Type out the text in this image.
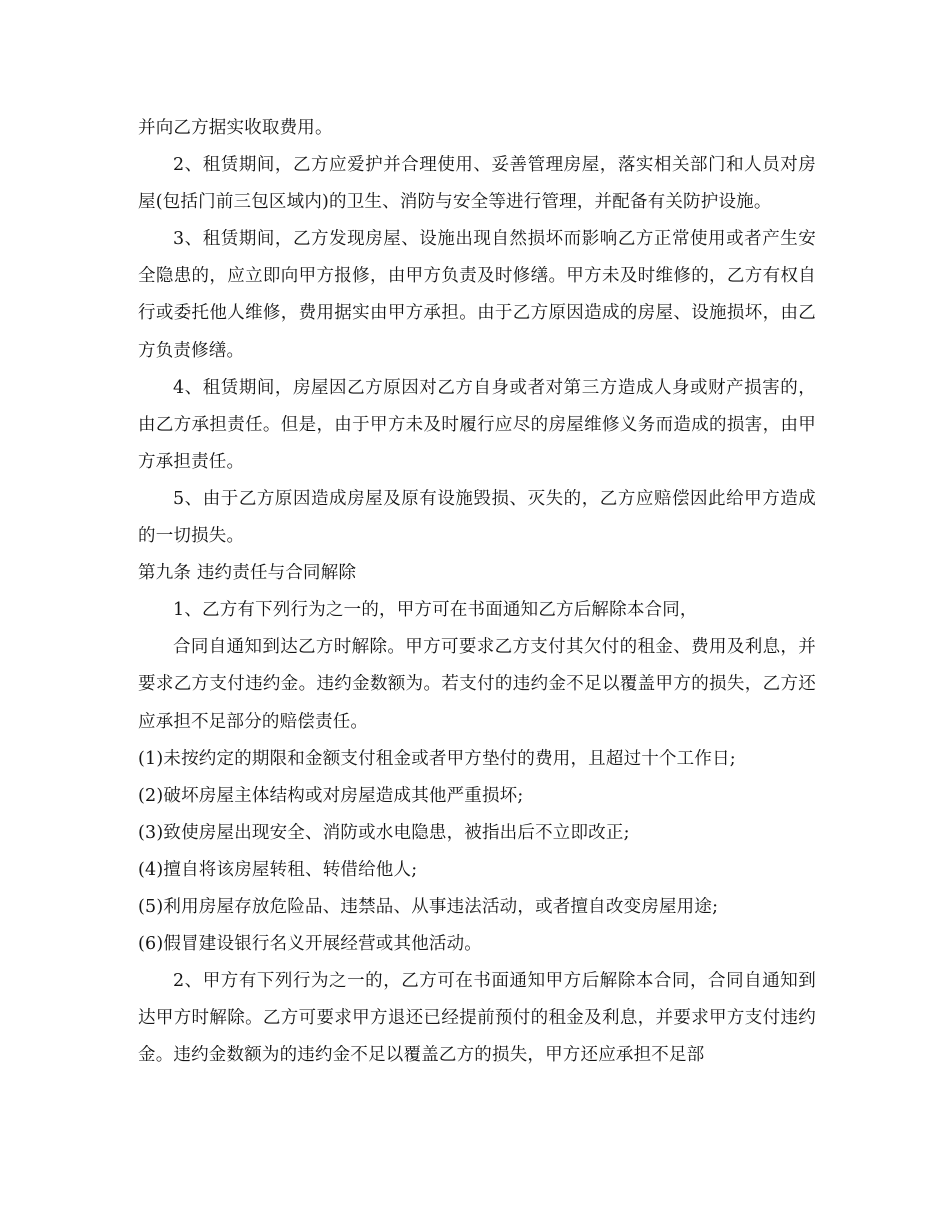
并向乙方据实收取费用。

2、租赁期间，乙方应爱护并合理使用、妥善管理房屋，落实相关部门和人员对房屋(包括门前三包区域内)的卫生、消防与安全等进行管理，并配备有关防护设施。

3、租赁期间，乙方发现房屋、设施出现自然损坏而影响乙方正常使用或者产生安全隐患的，应立即向甲方报修，由甲方负责及时修缮。甲方未及时维修的，乙方有权自行或委托他人维修，费用据实由甲方承担。由于乙方原因造成的房屋、设施损坏，由乙方负责修缮。

4、租赁期间，房屋因乙方原因对乙方自身或者对第三方造成人身或财产损害的，由乙方承担责任。但是，由于甲方未及时履行应尽的房屋维修义务而造成的损害，由甲方承担责任。

5、由于乙方原因造成房屋及原有设施毁损、灭失的，乙方应赔偿因此给甲方造成的一切损失。

第九条 违约责任与合同解除

1、乙方有下列行为之一的，甲方可在书面通知乙方后解除本合同，

合同自通知到达乙方时解除。甲方可要求乙方支付其欠付的租金、费用及利息，并要求乙方支付违约金。违约金数额为。若支付的违约金不足以覆盖甲方的损失，乙方还应承担不足部分的赔偿责任。

(1)未按约定的期限和金额支付租金或者甲方垫付的费用，且超过十个工作日;

(2)破坏房屋主体结构或对房屋造成其他严重损坏;

(3)致使房屋出现安全、消防或水电隐患，被指出后不立即改正;

(4)擅自将该房屋转租、转借给他人;

(5)利用房屋存放危险品、违禁品、从事违法活动，或者擅自改变房屋用途;

(6)假冒建设银行名义开展经营或其他活动。

2、甲方有下列行为之一的，乙方可在书面通知甲方后解除本合同，合同自通知到达甲方时解除。乙方可要求甲方退还已经提前预付的租金及利息，并要求甲方支付违约金。违约金数额为的违约金不足以覆盖乙方的损失，甲方还应承担不足部
